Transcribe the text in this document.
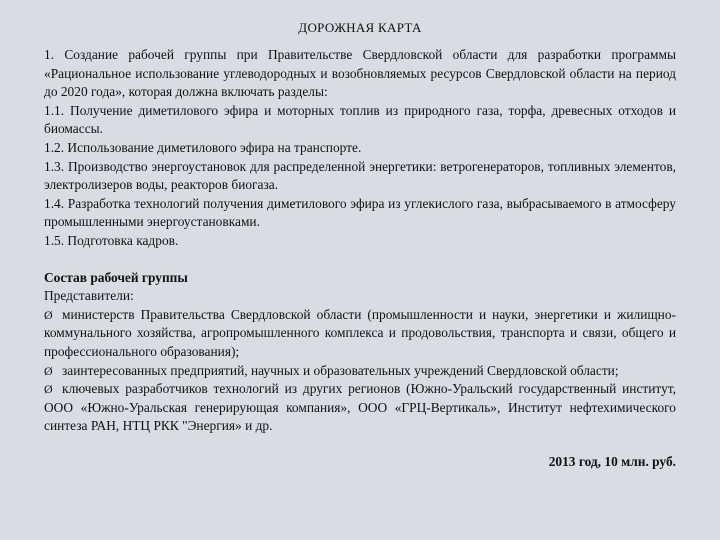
ДОРОЖНАЯ КАРТА

1. Создание рабочей группы при Правительстве Свердловской области для разработки программы «Рациональное использование углеводородных и возобновляемых ресурсов Свердловской области на период до 2020 года», которая должна включать разделы:

1.1. Получение диметилового эфира и моторных топлив из природного газа, торфа, древесных отходов и биомассы.

1.2. Использование диметилового эфира на транспорте.

1.3. Производство энергоустановок для распределенной энергетики: ветрогенераторов, топливных элементов, электролизеров воды, реакторов биогаза.

1.4. Разработка технологий получения диметилового эфира из углекислого газа, выбрасываемого в атмосферу промышленными энергоустановками.

1.5. Подготовка кадров.

Состав рабочей группы

Представители:

Ø министерств Правительства Свердловской области (промышленности и науки, энергетики и жилищно-коммунального хозяйства, агропромышленного комплекса и продовольствия, транспорта и связи, общего и профессионального образования);

Ø заинтересованных предприятий, научных и образовательных учреждений Свердловской области;

Ø ключевых разработчиков технологий из других регионов (Южно-Уральский государственный институт, ООО «Южно-Уральская генерирующая компания», ООО «ГРЦ-Вертикаль», Институт нефтехимического синтеза РАН, НТЦ РКК "Энергия» и др.

2013 год, 10 млн. руб.
